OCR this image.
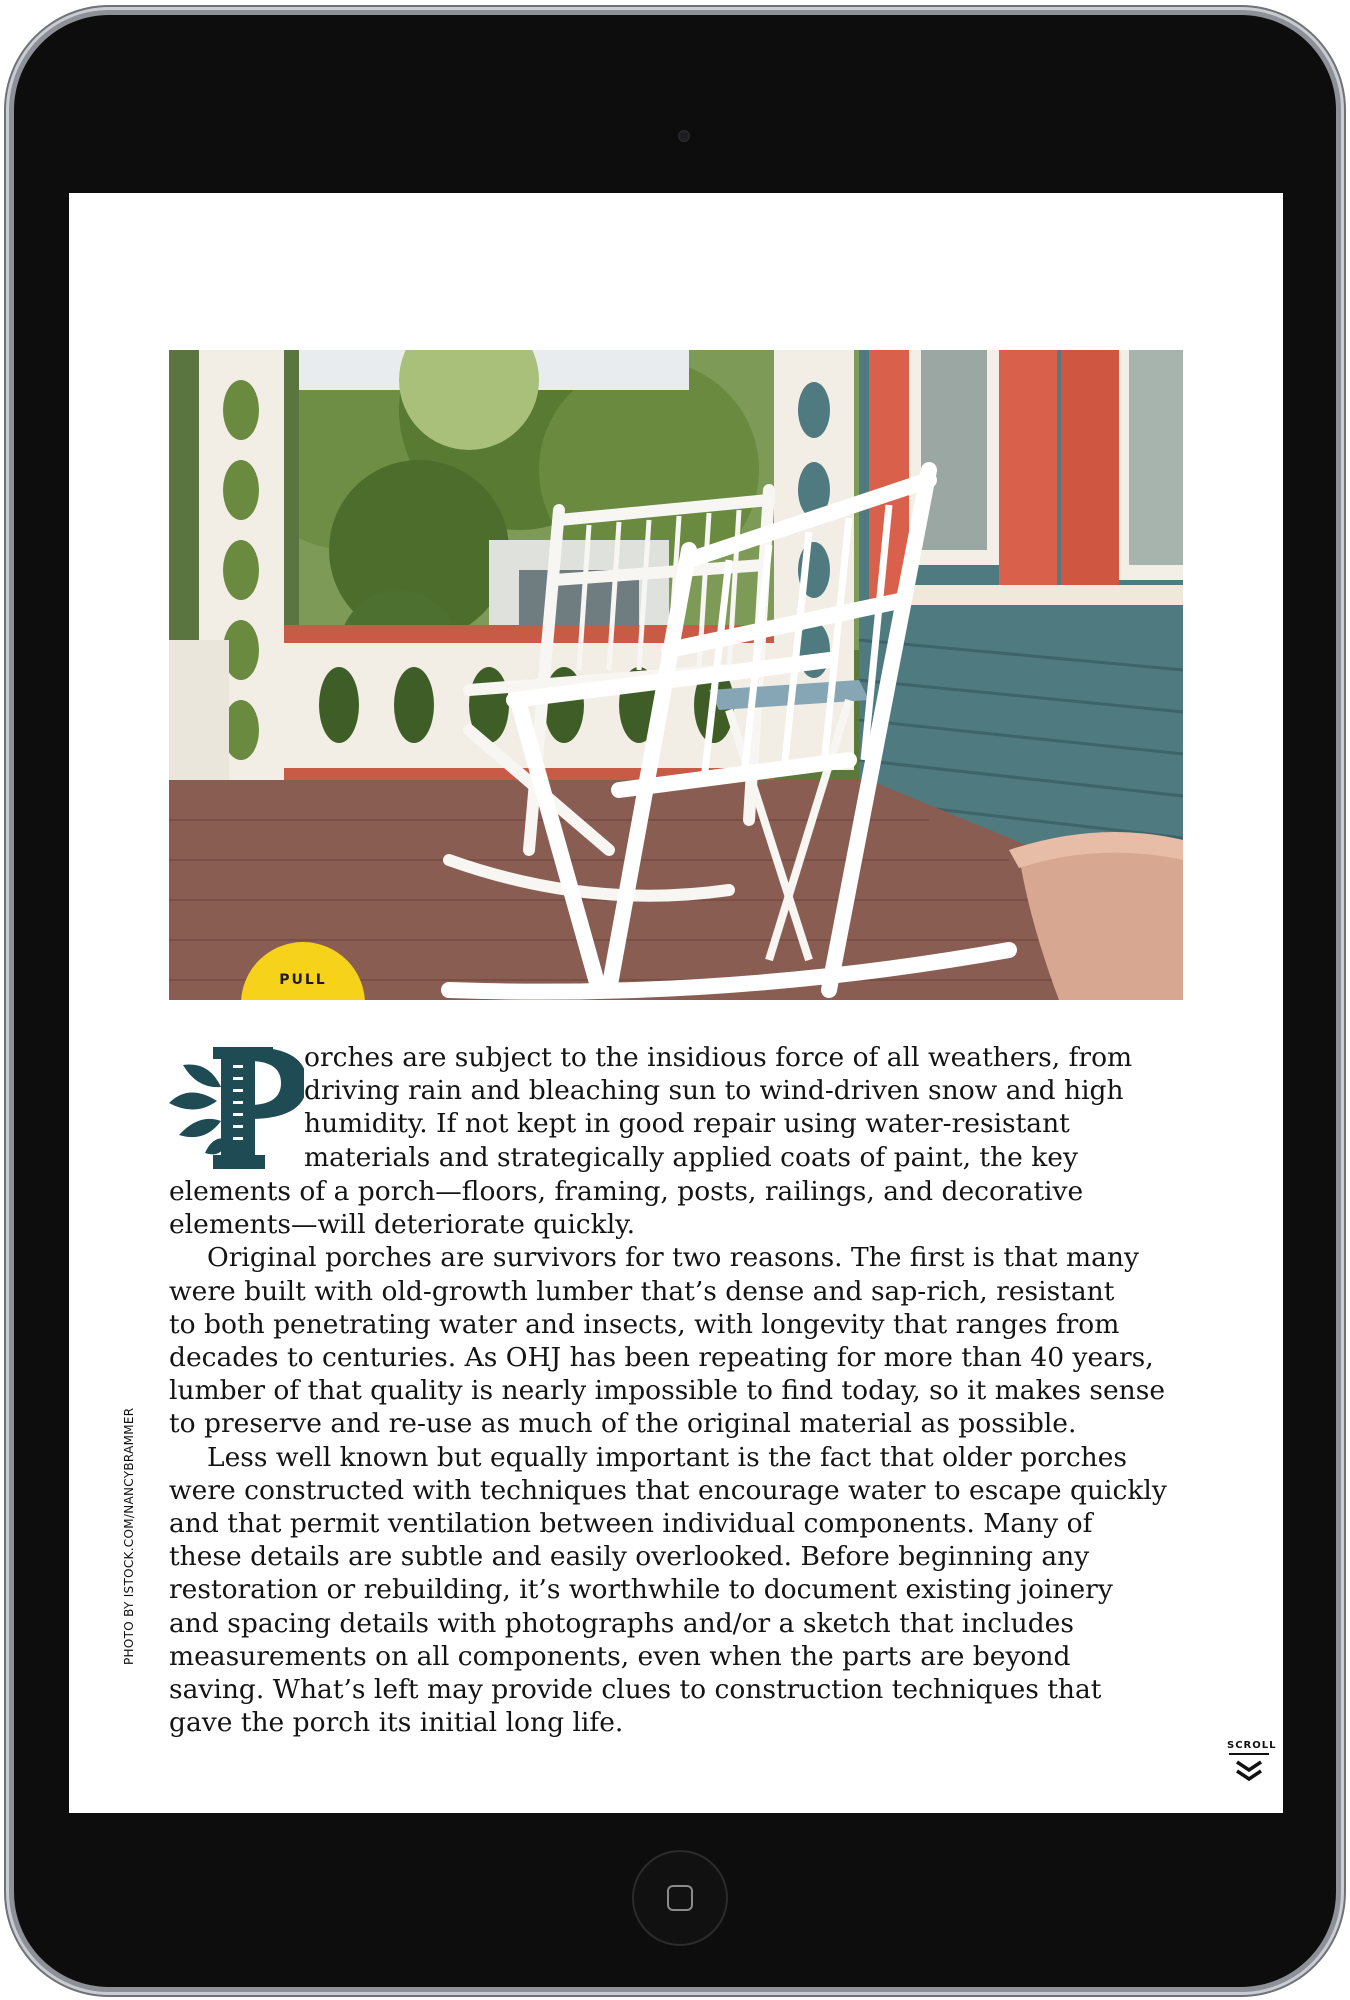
PULL
PHOTO BY ISTOCK.COM/NANCYBRAMMER

orches are subject to the insidious force of all weathers, from

driving rain and bleaching sun to wind-driven snow and high

humidity. If not kept in good repair using water-resistant

materials and strategically applied coats of paint, the key

elements of a porch—floors, framing, posts, railings, and decorative

elements—will deteriorate quickly.

Original porches are survivors for two reasons. The first is that many

were built with old-growth lumber that’s dense and sap-rich, resistant

to both penetrating water and insects, with longevity that ranges from

decades to centuries. As OHJ has been repeating for more than 40 years,

lumber of that quality is nearly impossible to find today, so it makes sense

to preserve and re-use as much of the original material as possible.

Less well known but equally important is the fact that older porches

were constructed with techniques that encourage water to escape quickly

and that permit ventilation between individual components. Many of

these details are subtle and easily overlooked. Before beginning any

restoration or rebuilding, it’s worthwhile to document existing joinery

and spacing details with photographs and/or a sketch that includes

measurements on all components, even when the parts are beyond

saving. What’s left may provide clues to construction techniques that

gave the porch its initial long life.

SCROLL
